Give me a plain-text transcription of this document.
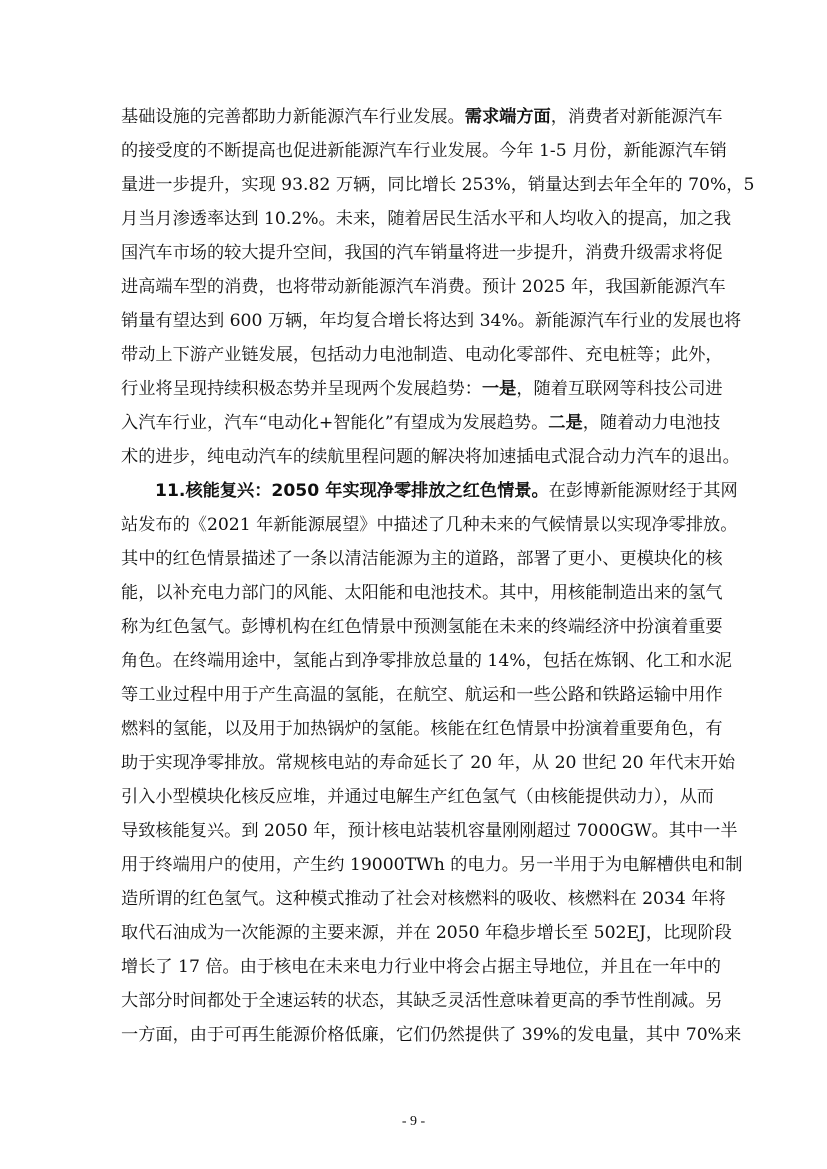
基础设施的完善都助力新能源汽车行业发展。需求端方面，消费者对新能源汽车
的接受度的不断提高也促进新能源汽车行业发展。今年 1-5 月份，新能源汽车销
量进一步提升，实现 93.82 万辆，同比增长 253%，销量达到去年全年的 70%，5
月当月渗透率达到 10.2%。未来，随着居民生活水平和人均收入的提高，加之我
国汽车市场的较大提升空间，我国的汽车销量将进一步提升，消费升级需求将促
进高端车型的消费，也将带动新能源汽车消费。预计 2025 年，我国新能源汽车
销量有望达到 600 万辆，年均复合增长将达到 34%。新能源汽车行业的发展也将
带动上下游产业链发展，包括动力电池制造、电动化零部件、充电桩等；此外，
行业将呈现持续积极态势并呈现两个发展趋势：一是，随着互联网等科技公司进
入汽车行业，汽车“电动化+智能化”有望成为发展趋势。二是，随着动力电池技
术的进步，纯电动汽车的续航里程问题的解决将加速插电式混合动力汽车的退出。
11.核能复兴：2050 年实现净零排放之红色情景。在彭博新能源财经于其网
站发布的《2021 年新能源展望》中描述了几种未来的气候情景以实现净零排放。
其中的红色情景描述了一条以清洁能源为主的道路，部署了更小、更模块化的核
能，以补充电力部门的风能、太阳能和电池技术。其中，用核能制造出来的氢气
称为红色氢气。彭博机构在红色情景中预测氢能在未来的终端经济中扮演着重要
角色。在终端用途中，氢能占到净零排放总量的 14%，包括在炼钢、化工和水泥
等工业过程中用于产生高温的氢能，在航空、航运和一些公路和铁路运输中用作
燃料的氢能，以及用于加热锅炉的氢能。核能在红色情景中扮演着重要角色，有
助于实现净零排放。常规核电站的寿命延长了 20 年，从 20 世纪 20 年代末开始
引入小型模块化核反应堆，并通过电解生产红色氢气（由核能提供动力），从而
导致核能复兴。到 2050 年，预计核电站装机容量刚刚超过 7000GW。其中一半
用于终端用户的使用，产生约 19000TWh 的电力。另一半用于为电解槽供电和制
造所谓的红色氢气。这种模式推动了社会对核燃料的吸收、核燃料在 2034 年将
取代石油成为一次能源的主要来源，并在 2050 年稳步增长至 502EJ，比现阶段
增长了 17 倍。由于核电在未来电力行业中将会占据主导地位，并且在一年中的
大部分时间都处于全速运转的状态，其缺乏灵活性意味着更高的季节性削减。另
一方面，由于可再生能源价格低廉，它们仍然提供了 39%的发电量，其中 70%来
- 9 -
